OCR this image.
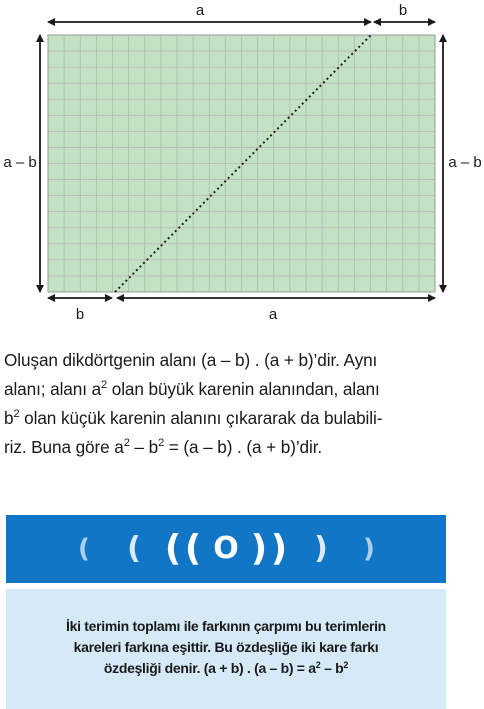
a	b
a – b	a – b
b	a
Oluşan dikdörtgenin alanı (a – b) . (a + b)’dir. Aynı
alanı; alanı $a^2$ olan büyük karenin alanından, alanı
$b^2$ olan küçük karenin alanını çıkararak da bulabili-
riz. Buna göre $a^2 - b^2 = (a - b)$ . (a + b)’dir.
( ( ( ( O ) ) ) )
İki terimin toplamı ile farkının çarpımı bu terimlerin
kareleri farkına eşittir. Bu özdeşliğe iki kare farkı
özdeşliği denir. (a + b) . $(a - b) = a^2 - b^2$
